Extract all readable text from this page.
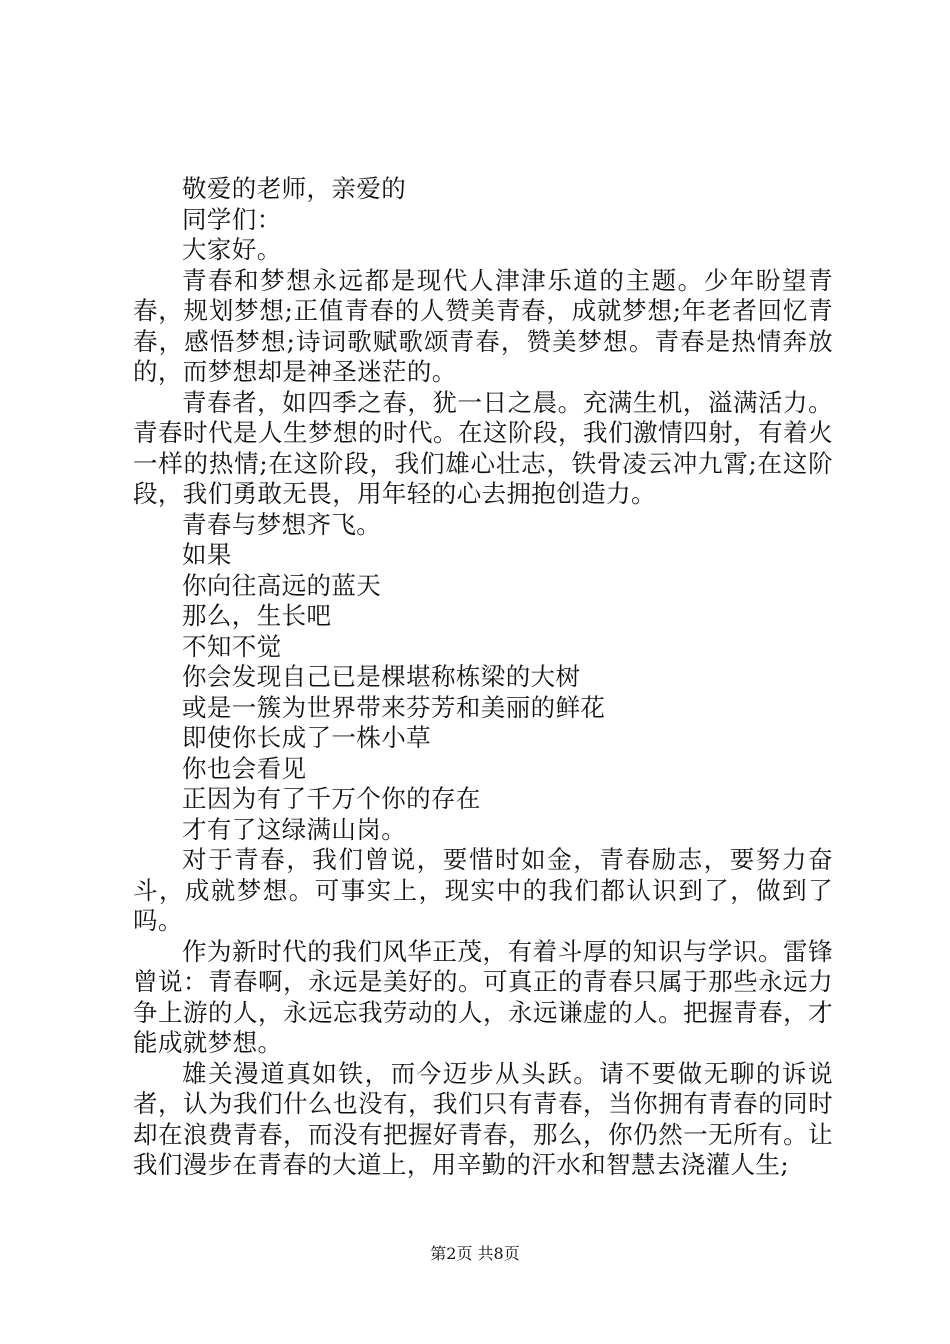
敬爱的老师，亲爱的

同学们：

大家好。

青春和梦想永远都是现代人津津乐道的主题。少年盼望青春，规划梦想;正值青春的人赞美青春，成就梦想;年老者回忆青春，感悟梦想;诗词歌赋歌颂青春，赞美梦想。青春是热情奔放的，而梦想却是神圣迷茫的。

青春者，如四季之春，犹一日之晨。充满生机，溢满活力。青春时代是人生梦想的时代。在这阶段，我们激情四射，有着火一样的热情;在这阶段，我们雄心壮志，铁骨凌云冲九霄;在这阶段，我们勇敢无畏，用年轻的心去拥抱创造力。

青春与梦想齐飞。

如果

你向往高远的蓝天

那么，生长吧

不知不觉

你会发现自己已是棵堪称栋梁的大树

或是一簇为世界带来芬芳和美丽的鲜花

即使你长成了一株小草

你也会看见

正因为有了千万个你的存在

才有了这绿满山岗。

对于青春，我们曾说，要惜时如金，青春励志，要努力奋斗，成就梦想。可事实上，现实中的我们都认识到了，做到了吗。

作为新时代的我们风华正茂，有着斗厚的知识与学识。雷锋曾说：青春啊，永远是美好的。可真正的青春只属于那些永远力争上游的人，永远忘我劳动的人，永远谦虚的人。把握青春，才能成就梦想。

雄关漫道真如铁，而今迈步从头跃。请不要做无聊的诉说者，认为我们什么也没有，我们只有青春，当你拥有青春的同时却在浪费青春，而没有把握好青春，那么，你仍然一无所有。让我们漫步在青春的大道上，用辛勤的汗水和智慧去浇灌人生;

第2页 共8页
